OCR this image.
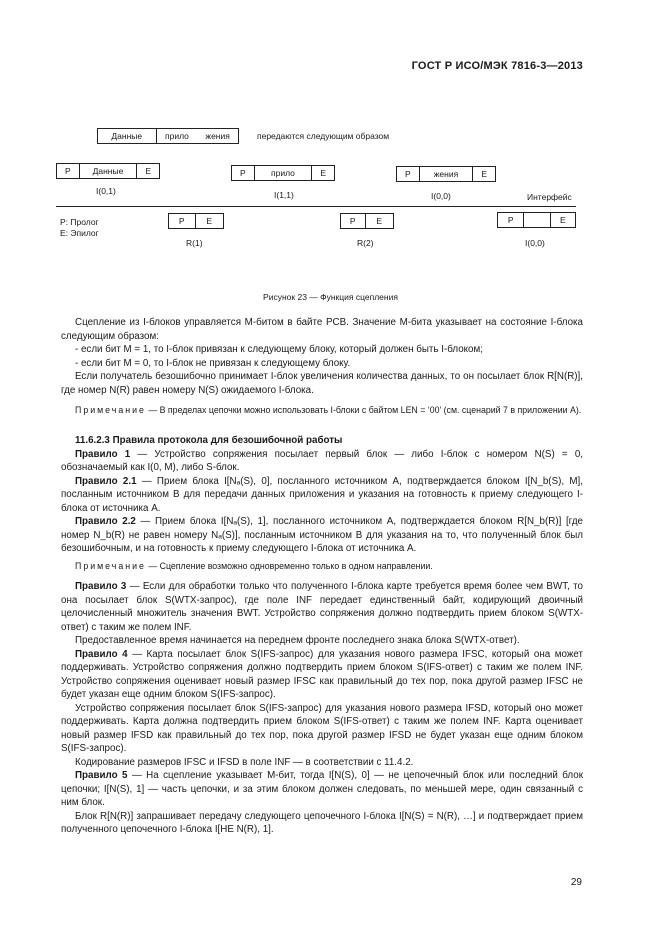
ГОСТ Р ИСО/МЭК 7816-3—2013
Данные	прило	жения	передаются следующим образом
P	Данные	E
I(0,1)
P	прило	E
I(1,1)
P	жения	E
I(0,0)	Интерфейс
P: Пролог
E: Эпилог
P	E
R(1)
P	E
R(2)
P	E
I(0,0)
Рисунок 23 — Функция сцепления

Сцепление из I-блоков управляется M-битом в байте PCB. Значение M-бита указывает на состояние I-блока следующим образом:

- если бит M = 1, то I-блок привязан к следующему блоку, который должен быть I-блоком;

- если бит M = 0, то I-блок не привязан к следующему блоку.

Если получатель безошибочно принимает I-блок увеличения количества данных, то он посылает блок R[N(R)], где номер N(R) равен номеру N(S) ожидаемого I-блока.

Примечание — В пределах цепочки можно использовать I-блоки с байтом LEN = ‘00’ (см. сценарий 7 в приложении А).

11.6.2.3 Правила протокола для безошибочной работы

Правило 1 — Устройство сопряжения посылает первый блок — либо I-блок с номером N(S) = 0, обозначаемый как I(0, M), либо S-блок.

Правило 2.1 — Прием блока I[Nₐ(S), 0], посланного источником A, подтверждается блоком I[N_b(S), M], посланным источником B для передачи данных приложения и указания на готовность к приему следующего I-блока от источника A.

Правило 2.2 — Прием блока I[Nₐ(S), 1], посланного источником A, подтверждается блоком R[N_b(R)] [где номер N_b(R) не равен номеру Nₐ(S)], посланным источником B для указания на то, что полученный блок был безошибочным, и на готовность к приему следующего I-блока от источника A.

Примечание — Сцепление возможно одновременно только в одном направлении.

Правило 3 — Если для обработки только что полученного I-блока карте требуется время более чем BWT, то она посылает блок S(WTX-запрос), где поле INF передает единственный байт, кодирующий двоичный целочисленный множитель значения BWT. Устройство сопряжения должно подтвердить прием блоком S(WTX-ответ) с таким же полем INF.

Предоставленное время начинается на переднем фронте последнего знака блока S(WTX-ответ).

Правило 4 — Карта посылает блок S(IFS-запрос) для указания нового размера IFSC, который она может поддерживать. Устройство сопряжения должно подтвердить прием блоком S(IFS-ответ) с таким же полем INF. Устройство сопряжения оценивает новый размер IFSC как правильный до тех пор, пока другой размер IFSC не будет указан еще одним блоком S(IFS-запрос).

Устройство сопряжения посылает блок S(IFS-запрос) для указания нового размера IFSD, который оно может поддерживать. Карта должна подтвердить прием блоком S(IFS-ответ) с таким же полем INF. Карта оценивает новый размер IFSD как правильный до тех пор, пока другой размер IFSD не будет указан еще одним блоком S(IFS-запрос).

Кодирование размеров IFSC и IFSD в поле INF — в соответствии с 11.4.2.

Правило 5 — На сцепление указывает M-бит, тогда I[N(S), 0] — не цепочечный блок или последний блок цепочки; I[N(S), 1] — часть цепочки, и за этим блоком должен следовать, по меньшей мере, один связанный с ним блок.

Блок R[N(R)] запрашивает передачу следующего цепочечного I-блока I[N(S) = N(R), …] и подтверждает прием полученного цепочечного I-блока I[НЕ N(R), 1].

29
